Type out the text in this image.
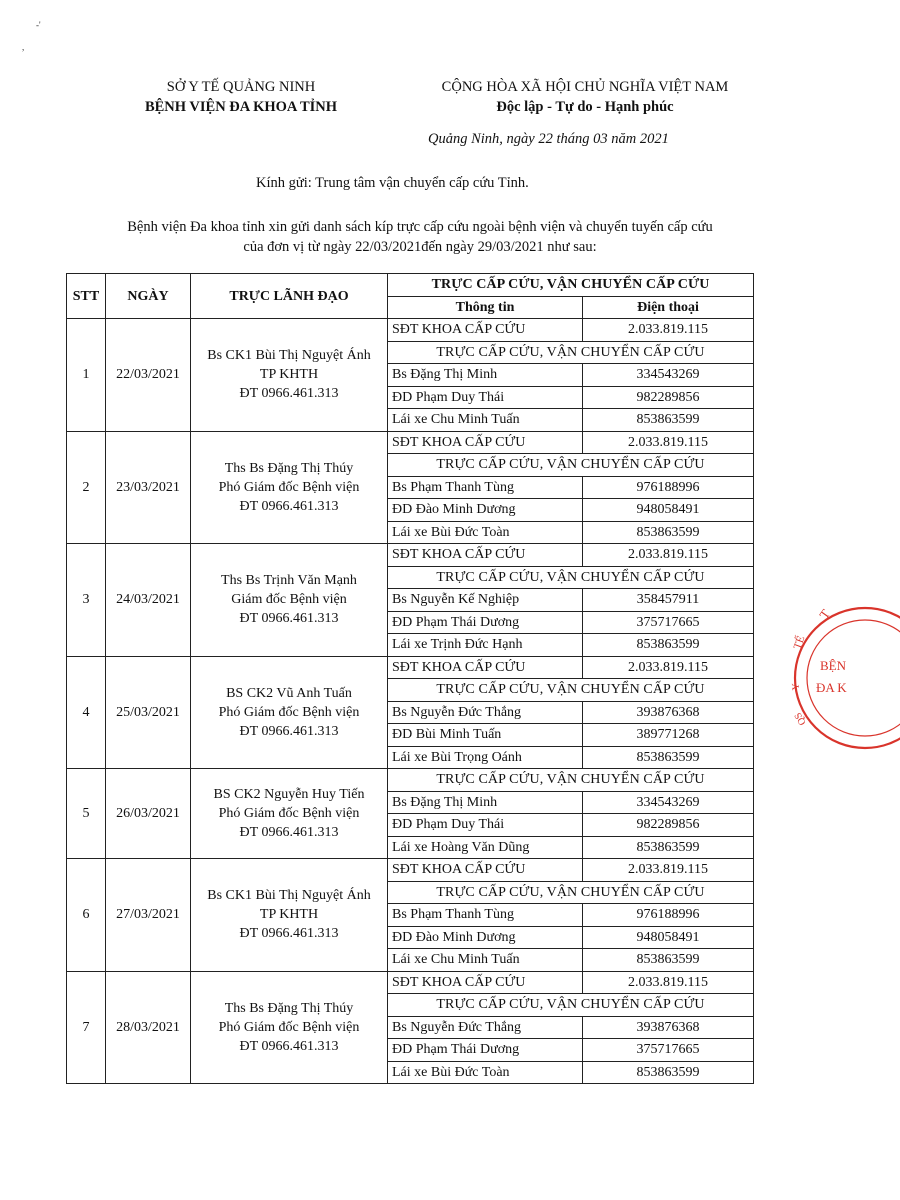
-'
,
SỞ Y TẾ QUẢNG NINH
BỆNH VIỆN ĐA KHOA TỈNH
CỘNG HÒA XÃ HỘI CHỦ NGHĨA VIỆT NAM
Độc lập - Tự do - Hạnh phúc
Quảng Ninh, ngày 22 tháng 03 năm 2021
Kính gửi: Trung tâm vận chuyển cấp cứu Tỉnh.
Bệnh viện Đa khoa tỉnh xin gửi danh sách kíp trực cấp cứu ngoài bệnh viện và chuyển tuyến cấp cứu
của đơn vị từ ngày 22/03/2021đến ngày 29/03/2021 như sau:
STT	NGÀY	TRỰC LÃNH ĐẠO	TRỰC CẤP CỨU, VẬN CHUYỂN CẤP CỨU	
			Thông tin	Điện thoại
1	22/03/2021	Bs CK1 Bùi Thị Nguyệt Ánh
TP KHTH
ĐT 0966.461.313	SĐT KHOA CẤP CỨU	2.033.819.115
			TRỰC CẤP CỨU, VẬN CHUYỂN CẤP CỨU	
			Bs Đặng Thị Minh	334543269
			ĐD Phạm Duy Thái	982289856
			Lái xe Chu Minh Tuấn	853863599
2	23/03/2021	Ths Bs Đặng Thị Thúy
Phó Giám đốc Bệnh viện
ĐT 0966.461.313	SĐT KHOA CẤP CỨU	2.033.819.115
			TRỰC CẤP CỨU, VẬN CHUYỂN CẤP CỨU	
			Bs Phạm Thanh Tùng	976188996
			ĐD Đào Minh Dương	948058491
			Lái xe Bùi Đức Toàn	853863599
3	24/03/2021	Ths Bs Trịnh Văn Mạnh
Giám đốc Bệnh viện
ĐT 0966.461.313	SĐT KHOA CẤP CỨU	2.033.819.115
			TRỰC CẤP CỨU, VẬN CHUYỂN CẤP CỨU	
			Bs Nguyễn Kế Nghiệp	358457911
			ĐD Phạm Thái Dương	375717665
			Lái xe Trịnh Đức Hạnh	853863599
4	25/03/2021	BS CK2 Vũ Anh Tuấn
Phó Giám đốc Bệnh viện
ĐT 0966.461.313	SĐT KHOA CẤP CỨU	2.033.819.115
			TRỰC CẤP CỨU, VẬN CHUYỂN CẤP CỨU	
			Bs Nguyễn Đức Thắng	393876368
			ĐD Bùi Minh Tuấn	389771268
			Lái xe Bùi Trọng Oánh	853863599
5	26/03/2021	BS CK2 Nguyễn Huy Tiến
Phó Giám đốc Bệnh viện
ĐT 0966.461.313	TRỰC CẤP CỨU, VẬN CHUYỂN CẤP CỨU	
			Bs Đặng Thị Minh	334543269
			ĐD Phạm Duy Thái	982289856
			Lái xe Hoàng Văn Dũng	853863599
6	27/03/2021	Bs CK1 Bùi Thị Nguyệt Ánh
TP KHTH
ĐT 0966.461.313	SĐT KHOA CẤP CỨU	2.033.819.115
			TRỰC CẤP CỨU, VẬN CHUYỂN CẤP CỨU	
			Bs Phạm Thanh Tùng	976188996
			ĐD Đào Minh Dương	948058491
			Lái xe Chu Minh Tuấn	853863599
7	28/03/2021	Ths Bs Đặng Thị Thúy
Phó Giám đốc Bệnh viện
ĐT 0966.461.313	SĐT KHOA CẤP CỨU	2.033.819.115
			TRỰC CẤP CỨU, VẬN CHUYỂN CẤP CỨU	
			Bs Nguyễn Đức Thắng	393876368
			ĐD Phạm Thái Dương	375717665
			Lái xe Bùi Đức Toàn	853863599
T
TẾ
Y
QS
BỆN
ĐA K
